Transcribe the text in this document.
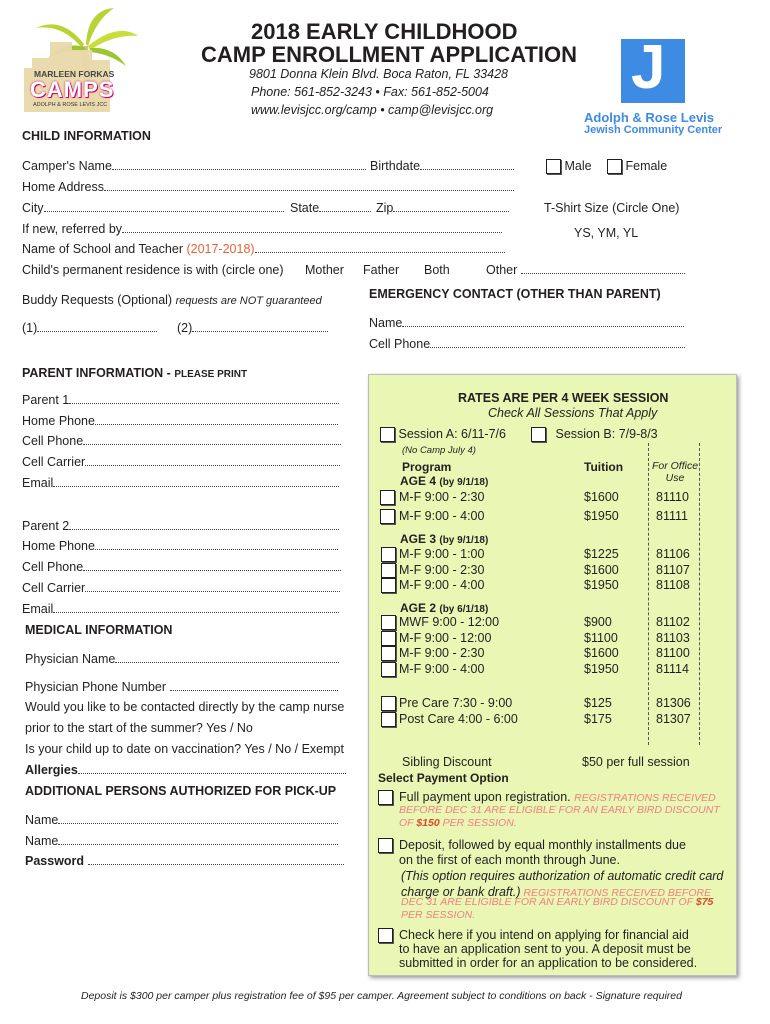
MARLEEN FORKAS
CAMPS
ADOLPH & ROSE LEVIS JCC
2018 EARLY CHILDHOOD
CAMP ENROLLMENT APPLICATION
9801 Donna Klein Blvd. Boca Raton, FL 33428
Phone: 561-852-3243 • Fax: 561-852-5004
www.levisjcc.org/camp • camp@levisjcc.org
J
Adolph & Rose Levis
Jewish Community Center
CHILD INFORMATION
Camper's Name	Birthdate	Male	Female
Home Address
City	State	Zip	T-Shirt Size (Circle One)
YS, YM, YL
If new, referred by
Name of School and Teacher (2017-2018)
Child's permanent residence is with (circle one) Mother Father Both	Other
Buddy Requests (Optional) requests are NOT guaranteed
(1)	(2)
EMERGENCY CONTACT (OTHER THAN PARENT)
Name
Cell Phone
PARENT INFORMATION - PLEASE PRINT
Parent 1
Home Phone
Cell Phone
Cell Carrier
Email
Parent 2
Home Phone
Cell Phone
Cell Carrier
Email
MEDICAL INFORMATION
Physician Name
Physician Phone Number
Would you like to be contacted directly by the camp nurse
prior to the start of the summer? Yes / No
Is your child up to date on vaccination? Yes / No / Exempt
Allergies
ADDITIONAL PERSONS AUTHORIZED FOR PICK-UP
Name
Name
Password
RATES ARE PER 4 WEEK SESSION
Check All Sessions That Apply
Session A: 6/11-7/6	Session B: 7/9-8/3
(No Camp July 4)
Program	Tuition	For Office Use
AGE 4 (by 9/1/18)
AGE 3 (by 9/1/18)
AGE 2 (by 6/1/18)
M-F 9:00 - 2:30	$1600	81110
M-F 9:00 - 4:00	$1950	81111
M-F 9:00 - 1:00	$1225	81106
M-F 9:00 - 2:30	$1600	81107
M-F 9:00 - 4:00	$1950	81108
MWF 9:00 - 12:00	$900	81102
M-F 9:00 - 12:00	$1100	81103
M-F 9:00 - 2:30	$1600	81100
M-F 9:00 - 4:00	$1950	81114
Pre Care 7:30 - 9:00	$125	81306
Post Care 4:00 - 6:00	$175	81307
Sibling Discount	$50 per full session
Select Payment Option
Full payment upon registration. REGISTRATIONS RECEIVED
BEFORE DEC 31 ARE ELIGIBLE FOR AN EARLY BIRD DISCOUNT
OF $150 PER SESSION.
Deposit, followed by equal monthly installments due
on the first of each month through June.
(This option requires authorization of automatic credit card
charge or bank draft.) REGISTRATIONS RECEIVED BEFORE
DEC 31 ARE ELIGIBLE FOR AN EARLY BIRD DISCOUNT OF $75
PER SESSION.
Check here if you intend on applying for financial aid
to have an application sent to you. A deposit must be
submitted in order for an application to be considered.
Deposit is $300 per camper plus registration fee of $95 per camper. Agreement subject to conditions on back - Signature required
